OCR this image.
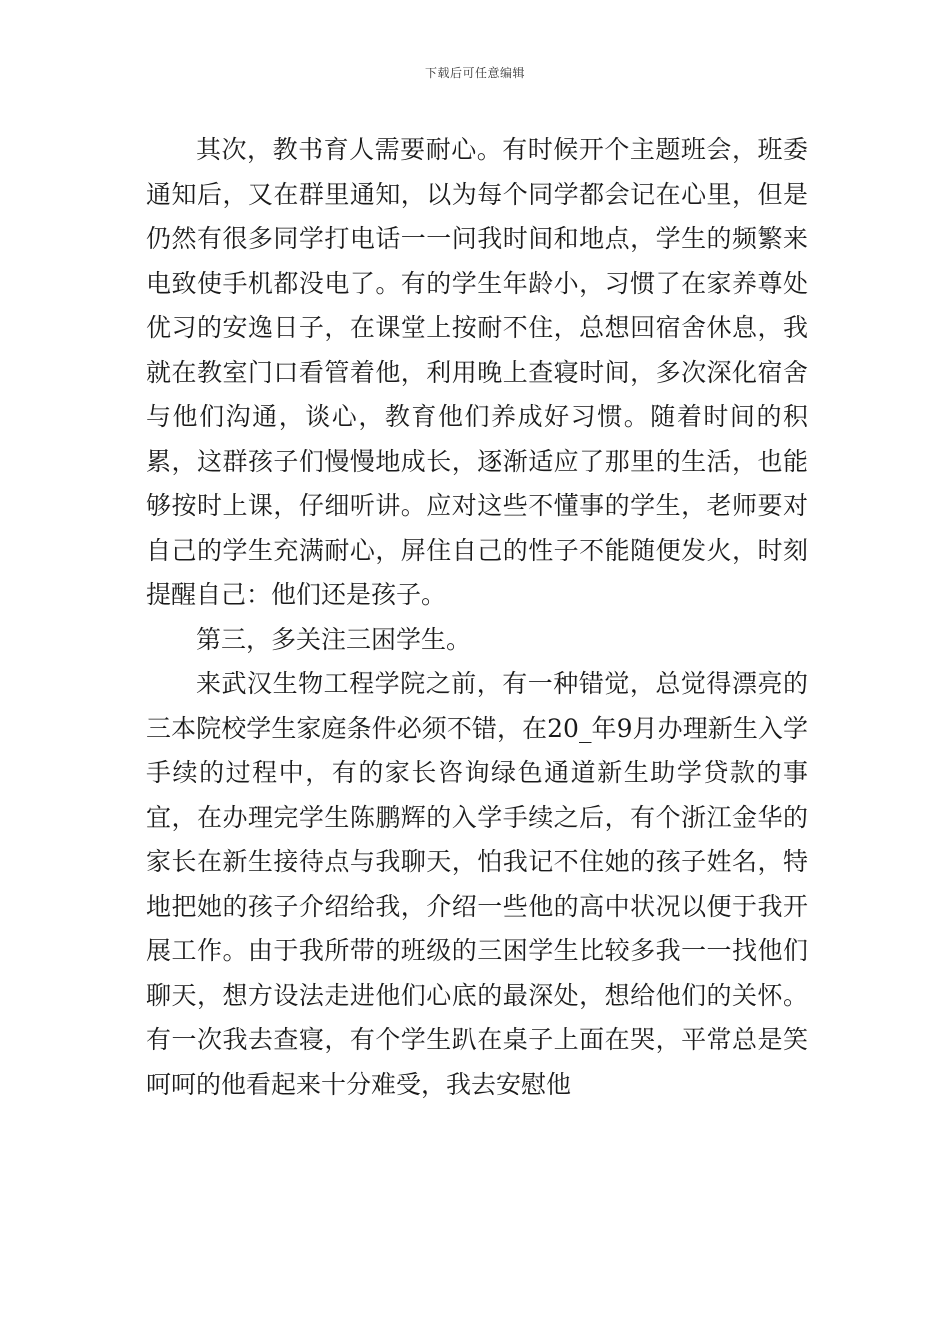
下载后可任意编辑

其次，教书育人需要耐心。有时候开个主题班会，班委通知后，又在群里通知，以为每个同学都会记在心里，但是仍然有很多同学打电话一一问我时间和地点，学生的频繁来电致使手机都没电了。有的学生年龄小，习惯了在家养尊处优习的安逸日子，在课堂上按耐不住，总想回宿舍休息，我就在教室门口看管着他，利用晚上查寝时间，多次深化宿舍与他们沟通，谈心，教育他们养成好习惯。随着时间的积累，这群孩子们慢慢地成长，逐渐适应了那里的生活，也能够按时上课，仔细听讲。应对这些不懂事的学生，老师要对自己的学生充满耐心，屏住自己的性子不能随便发火，时刻提醒自己：他们还是孩子。

第三，多关注三困学生。

来武汉生物工程学院之前，有一种错觉，总觉得漂亮的三本院校学生家庭条件必须不错，在20_年9月办理新生入学手续的过程中，有的家长咨询绿色通道新生助学贷款的事宜，在办理完学生陈鹏辉的入学手续之后，有个浙江金华的家长在新生接待点与我聊天，怕我记不住她的孩子姓名，特地把她的孩子介绍给我，介绍一些他的高中状况以便于我开展工作。由于我所带的班级的三困学生比较多我一一找他们聊天，想方设法走进他们心底的最深处，想给他们的关怀。有一次我去查寝，有个学生趴在桌子上面在哭，平常总是笑呵呵的他看起来十分难受，我去安慰他
